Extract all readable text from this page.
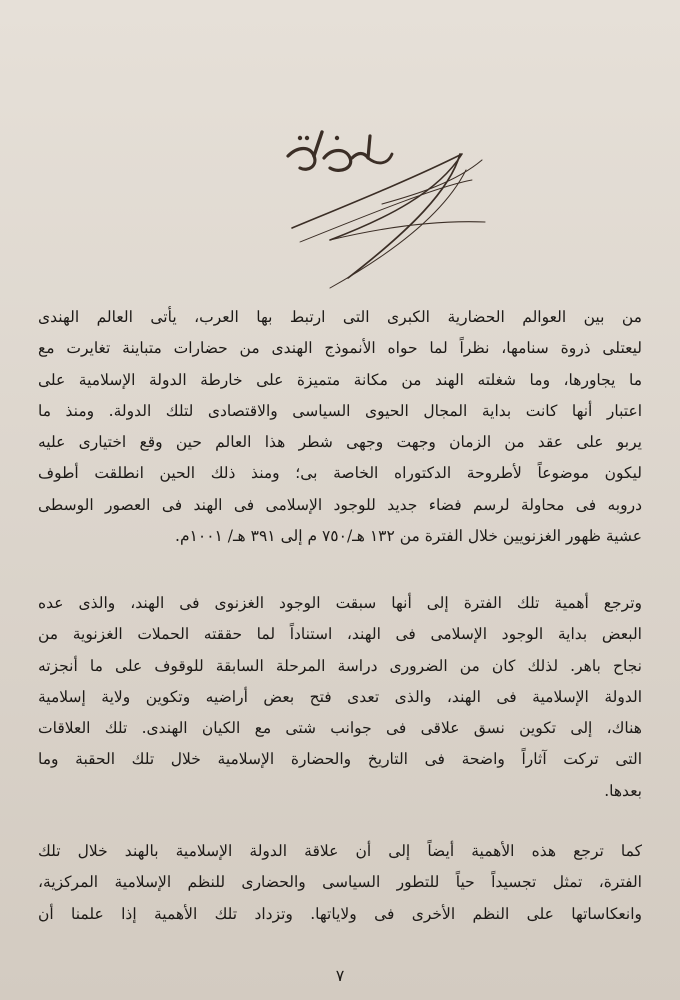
من بين العوالم الحضارية الكبرى التى ارتبط بها العرب، يأتى العالم الهندى
ليعتلى ذروة سنامها، نظراً لما حواه الأنموذج الهندى من حضارات متباينة تغايرت مع
ما يجاورها، وما شغلته الهند من مكانة متميزة على خارطة الدولة الإسلامية على
اعتبار أنها كانت بداية المجال الحيوى السياسى والاقتصادى لتلك الدولة. ومنذ ما
يربو على عقد من الزمان وجهت وجهى شطر هذا العالم حين وقع اختيارى عليه
ليكون موضوعاً لأطروحة الدكتوراه الخاصة بى؛ ومنذ ذلك الحين انطلقت أطوف
دروبه فى محاولة لرسم فضاء جديد للوجود الإسلامى فى الهند فى العصور الوسطى
عشية ظهور الغزنويين خلال الفترة من ١٣٢ هـ/٧٥٠ م إلى ٣٩١ هـ/ ١٠٠١م.
وترجع أهمية تلك الفترة إلى أنها سبقت الوجود الغزنوى فى الهند، والذى عده
البعض بداية الوجود الإسلامى فى الهند، استناداً لما حققته الحملات الغزنوية من
نجاح باهر. لذلك كان من الضرورى دراسة المرحلة السابقة للوقوف على ما أنجزته
الدولة الإسلامية فى الهند، والذى تعدى فتح بعض أراضيه وتكوين ولاية إسلامية
هناك، إلى تكوين نسق علاقى فى جوانب شتى مع الكيان الهندى. تلك العلاقات
التى تركت آثاراً واضحة فى التاريخ والحضارة الإسلامية خلال تلك الحقبة وما
بعدها.
كما ترجع هذه الأهمية أيضاً إلى أن علاقة الدولة الإسلامية بالهند خلال تلك
الفترة، تمثل تجسيداً حياً للتطور السياسى والحضارى للنظم الإسلامية المركزية،
وانعكاساتها على النظم الأخرى فى ولاياتها. وتزداد تلك الأهمية إذا علمنا أن
٧
